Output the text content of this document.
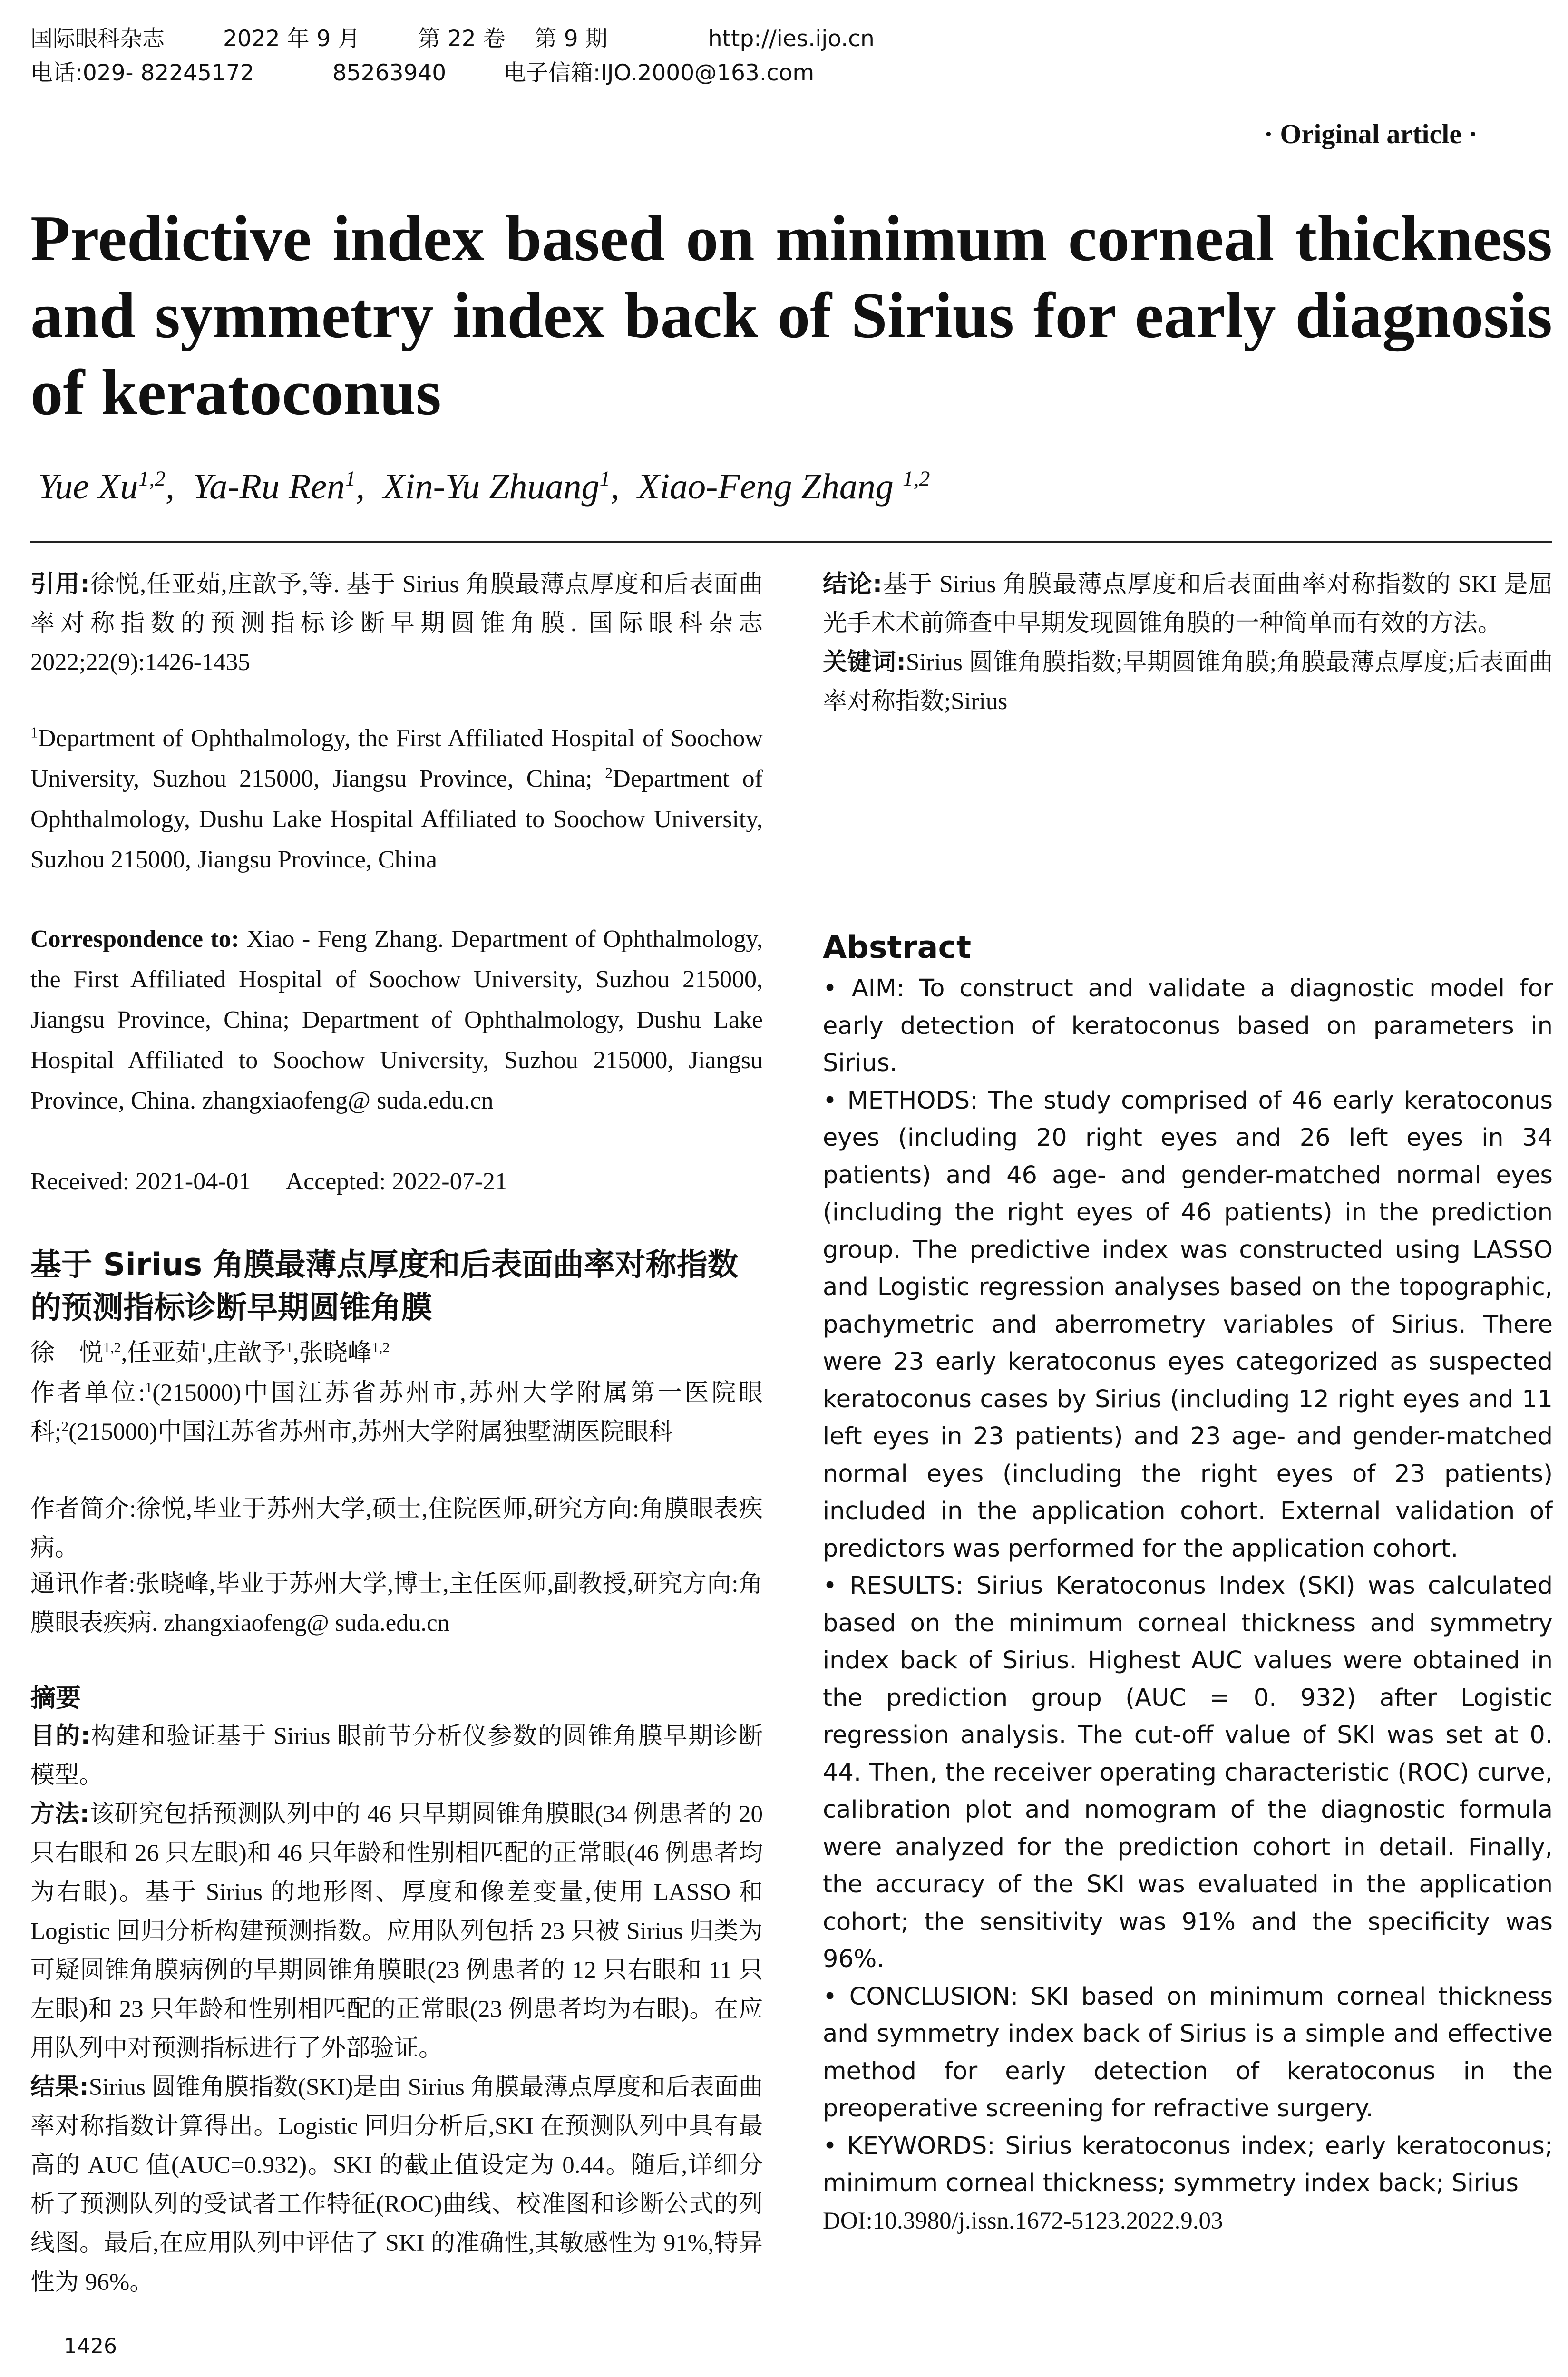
国际眼科杂志	2022 年 9 月	第 22 卷 第 9 期	http://ies.ijo.cn
电话:029- 82245172	85263940	电子信箱:IJO.2000@163.com
· Original article ·
Predictive index based on minimum corneal thickness
and symmetry index back of Sirius for early diagnosis
of keratoconus
Yue Xu$^{1,2}$,  Ya-Ru Ren$^1$,  Xin-Yu Zhuang$^1$,  Xiao-Feng Zhang $^{1,2}$
引用:徐悦,任亚茹,庄歆予,等. 基于 Sirius 角膜最薄点厚度和后表面曲率对称指数的预测指标诊断早期圆锥角膜. 国际眼科杂志 2022;22(9):1426-1435
$^1$Department of Ophthalmology, the First Affiliated Hospital of Soochow University, Suzhou 215000, Jiangsu Province, China; $^2$Department of Ophthalmology, Dushu Lake Hospital Affiliated to Soochow University, Suzhou 215000, Jiangsu Province, China
Correspondence to: Xiao - Feng Zhang. Department of Ophthalmology, the First Affiliated Hospital of Soochow University, Suzhou 215000, Jiangsu Province, China; Department of Ophthalmology, Dushu Lake Hospital Affiliated to Soochow University, Suzhou 215000, Jiangsu Province, China. zhangxiaofeng@ suda.edu.cn
Received: 2021-04-01 Accepted: 2022-07-21
基于 Sirius 角膜最薄点厚度和后表面曲率对称指数的预测指标诊断早期圆锥角膜
徐　悦$^{1,2}$,任亚茹$^1$,庄歆予$^1$,张晓峰$^{1,2}$
作者单位:$^1$(215000)中国江苏省苏州市,苏州大学附属第一医院眼科;$^2$(215000)中国江苏省苏州市,苏州大学附属独墅湖医院眼科
作者简介:徐悦,毕业于苏州大学,硕士,住院医师,研究方向:角膜眼表疾病。
通讯作者:张晓峰,毕业于苏州大学,博士,主任医师,副教授,研究方向:角膜眼表疾病. zhangxiaofeng@ suda.edu.cn
摘要

目的:构建和验证基于 Sirius 眼前节分析仪参数的圆锥角膜早期诊断模型。

方法:该研究包括预测队列中的 46 只早期圆锥角膜眼(34 例患者的 20 只右眼和 26 只左眼)和 46 只年龄和性别相匹配的正常眼(46 例患者均为右眼)。基于 Sirius 的地形图、厚度和像差变量,使用 LASSO 和 Logistic 回归分析构建预测指数。应用队列包括 23 只被 Sirius 归类为可疑圆锥角膜病例的早期圆锥角膜眼(23 例患者的 12 只右眼和 11 只左眼)和 23 只年龄和性别相匹配的正常眼(23 例患者均为右眼)。在应用队列中对预测指标进行了外部验证。

结果:Sirius 圆锥角膜指数(SKI)是由 Sirius 角膜最薄点厚度和后表面曲率对称指数计算得出。Logistic 回归分析后,SKI 在预测队列中具有最高的 AUC 值(AUC=0.932)。SKI 的截止值设定为 0.44。随后,详细分析了预测队列的受试者工作特征(ROC)曲线、校准图和诊断公式的列线图。最后,在应用队列中评估了 SKI 的准确性,其敏感性为 91%,特异性为 96%。

结论:基于 Sirius 角膜最薄点厚度和后表面曲率对称指数的 SKI 是屈光手术术前筛查中早期发现圆锥角膜的一种简单而有效的方法。

关键词:Sirius 圆锥角膜指数;早期圆锥角膜;角膜最薄点厚度;后表面曲率对称指数;Sirius

Abstract

• AIM: To construct and validate a diagnostic model for early detection of keratoconus based on parameters in Sirius.

• METHODS: The study comprised of 46 early keratoconus eyes (including 20 right eyes and 26 left eyes in 34 patients) and 46 age- and gender-matched normal eyes (including the right eyes of 46 patients) in the prediction group. The predictive index was constructed using LASSO and Logistic regression analyses based on the topographic, pachymetric and aberrometry variables of Sirius. There were 23 early keratoconus eyes categorized as suspected keratoconus cases by Sirius (including 12 right eyes and 11 left eyes in 23 patients) and 23 age- and gender-matched normal eyes (including the right eyes of 23 patients) included in the application cohort. External validation of predictors was performed for the application cohort.

• RESULTS: Sirius Keratoconus Index (SKI) was calculated based on the minimum corneal thickness and symmetry index back of Sirius. Highest AUC values were obtained in the prediction group (AUC = 0. 932) after Logistic regression analysis. The cut-off value of SKI was set at 0. 44. Then, the receiver operating characteristic (ROC) curve, calibration plot and nomogram of the diagnostic formula were analyzed for the prediction cohort in detail. Finally, the accuracy of the SKI was evaluated in the application cohort; the sensitivity was 91% and the specificity was 96%.

• CONCLUSION: SKI based on minimum corneal thickness and symmetry index back of Sirius is a simple and effective method for early detection of keratoconus in the preoperative screening for refractive surgery.

• KEYWORDS: Sirius keratoconus index; early keratoconus; minimum corneal thickness; symmetry index back; Sirius

DOI:10.3980/j.issn.1672-5123.2022.9.03

1426
